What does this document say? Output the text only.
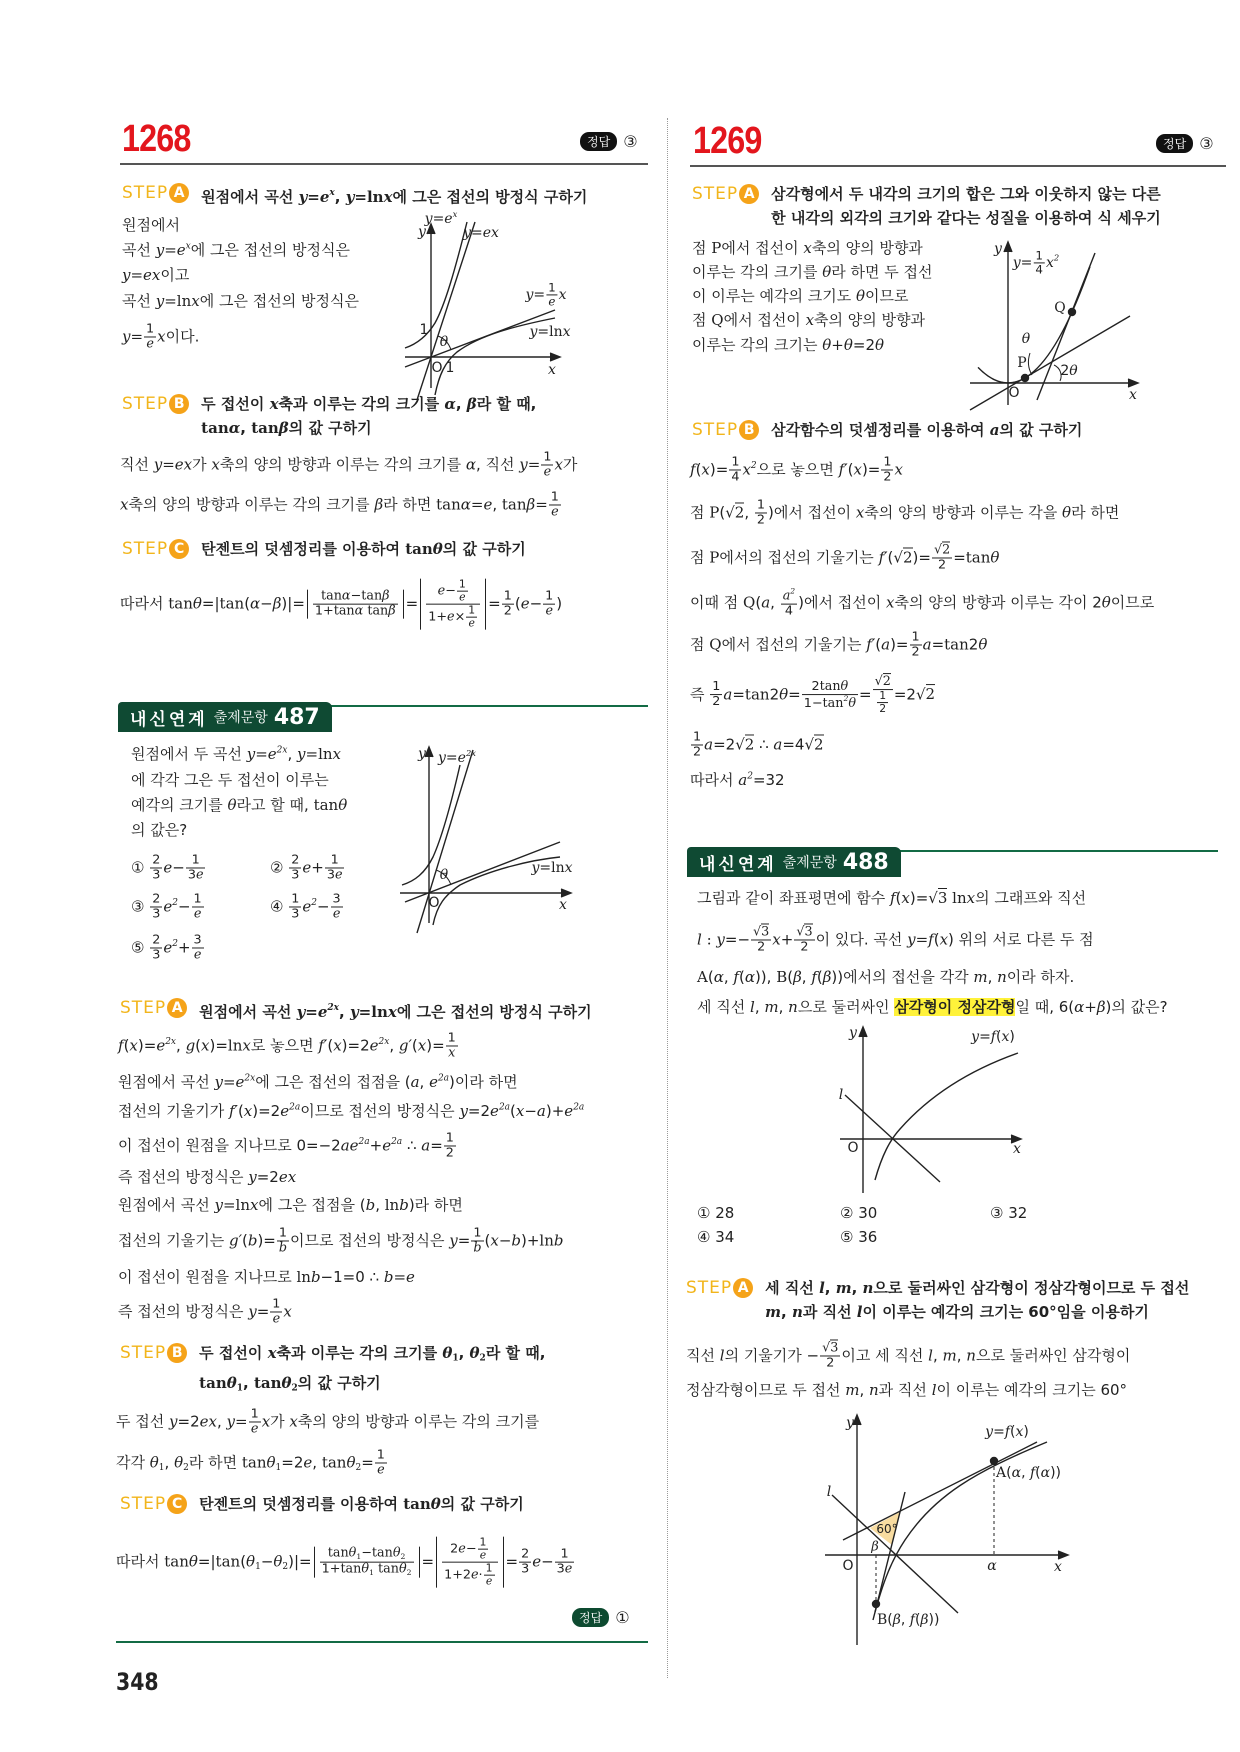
1268	정답 ③
STEP A	원점에서 곡선 $y=e^x$, y=lnx에 그은 접선의 방정식 구하기
원점에서
곡선 $y=e^x$에 그은 접선의 방정식은
y=ex이고
곡선 y=lnx에 그은 접선의 방정식은
$y= \frac{1}{e}$ x이다.
y
$y=e^x$
y=ex
$y= \frac{1}{e}$ x
y=lnx
1
θ
O 1	x
STEP B	두 접선이 x축과 이루는 각의 크기를 α, β라 할 때,
tanα, tanβ의 값 구하기
직선 y=ex가 x축의 양의 방향과 이루는 각의 크기를 α, 직선 $y= \frac{1}{e}$ x가
x축의 양의 방향과 이루는 각의 크기를 β라 하면 tanα=e, $\tan\beta= \frac{1}{e}$
STEP C	탄젠트의 덧셈정리를 이용하여 tanθ의 값 구하기
따라서 $\tan\theta=|\tan(\alpha-\beta)|= \frac{\tan\alpha-\tan\beta}{\text{1+tanα tanβ}} = \frac{e- \frac{1}{e}}{1+e\times \frac{1}{e}} = \frac{1}{2} (e- \frac{1}{e}$ )
내신연계 출제문항 487
원점에서 두 곡선 $y=e^{2x}$, y=lnx
에 각각 그은 두 접선이 이루는
예각의 크기를 θ라고 할 때, tanθ
의 값은?
① $\frac{2}{3} e- \frac{1}{3e}$	② $\frac{2}{3} e+ \frac{1}{3e}$
③ $\frac{2}{3} e^2- \frac{1}{e}$	④ $\frac{1}{3} e^2- \frac{3}{e}$
⑤ $\frac{2}{3} e^2+ \frac{3}{e}$
y $y=e^{2x}$
θ	y=lnx
O	x
STEP A	원점에서 곡선 $y=e^{2x}$, y=lnx에 그은 접선의 방정식 구하기
$f(x)=e^{2x}$, g(x)=lnx로 놓으면 $f'(x)=2e^{2x}$, $g'(x)= \frac{1}{x}$
원점에서 곡선 $y=e^{2x}$에 그은 접선의 접점을 (a, $e^{2a}$)이라 하면
접선의 기울기가 $f'(x)=2e^{2a}$이므로 접선의 방정식은 $y=2e^{2a}(x-a)+e^{2a}$
이 접선이 원점을 지나므로 $0=-2ae^{2a}+e^{2a}$ ∴ $a= \frac{1}{2}$
즉 접선의 방정식은 y=2ex
원점에서 곡선 y=lnx에 그은 접점을 (b, lnb)라 하면
접선의 기울기는 $g'(b)= \frac{1}{b}$ 이므로 접선의 방정식은 $y= \frac{1}{b} (x-b)+\ln b$
이 접선이 원점을 지나므로 lnb−1=0 ∴ b=e
즉 접선의 방정식은 $y= \frac{1}{e}$ x
STEP B	두 접선이 x축과 이루는 각의 크기를 $\theta_1$, $\theta_2$라 할 때,
tanθ$_1$, tanθ$_2$의 값 구하기
두 접선 y=2ex, $y= \frac{1}{e}$ x가 x축의 양의 방향과 이루는 각의 크기를
각각 $\theta_1$, $\theta_2$라 하면 tanθ$_1$=2e, $\tan\theta_2= \frac{1}{e}$
STEP C	탄젠트의 덧셈정리를 이용하여 tanθ의 값 구하기
따라서 $\tan\theta=|\tan(\theta_1-\theta_2)|= \frac{\tan\theta_1-\tan\theta_2}{1+\tan\theta_1 \tan\theta_2} = \frac{2e- \frac{1}{e}}{1+2e\cdot \frac{1}{e}} = \frac{2}{3} e- \frac{1}{3e}$
정답 ①
348
1269	정답 ③
STEP A	삼각형에서 두 내각의 크기의 합은 그와 이웃하지 않는 다른
한 내각의 외각의 크기와 같다는 성질을 이용하여 식 세우기
점 P에서 접선이 x축의 양의 방향과
이루는 각의 크기를 θ라 하면 두 접선
이 이루는 예각의 크기도 θ이므로
점 Q에서 접선이 x축의 양의 방향과
이루는 각의 크기는 θ+θ=2θ
y
$y= \frac{1}{4} x^2$
Q
θ
P 2θ
O	x
STEP B	삼각함수의 덧셈정리를 이용하여 a의 값 구하기
$f(x)= \frac{1}{4} x^2$으로 놓으면 $f'(x)= \frac{1}{2}$ x
점 P(√2, $\frac{1}{2}$ )에서 접선이 x축의 양의 방향과 이루는 각을 θ라 하면
점 P에서의 접선의 기울기는 $f'(√2)= \frac{√2}{2} =\tan\theta$
이때 점 Q(a, $\frac{a^2}{4}$ )에서 접선이 x축의 양의 방향과 이루는 각이 2θ이므로
점 Q에서 접선의 기울기는 $f'(a)= \frac{1}{2} a=\tan 2\theta$
즉 $\frac{1}{2} a=\tan 2\theta= \frac{2\tan\theta}{1-\tan^2\theta} = \frac{√2}{\frac{1}{2}} =2√2$
$\frac{1}{2} a=2√2$ ∴ a=4√2
따라서 $a^2=32$
내신연계 출제문항 488
그림과 같이 좌표평면에 함수 f(x)=√3 lnx의 그래프와 직선
l : $y=- \frac{√3}{2} x+ \frac{√3}{2}$ 이 있다. 곡선 y=f(x) 위의 서로 다른 두 점
A(α, f(α)), B(β, f(β))에서의 접선을 각각 m, n이라 하자.
세 직선 l, m, n으로 둘러싸인 삼각형이 정삼각형일 때, 6(α+β)의 값은?
y	y=f(x)
l
O	x
① 28	② 30	③ 32
④ 34	⑤ 36
STEP A	세 직선 l, m, n으로 둘러싸인 삼각형이 정삼각형이므로 두 접선
m, n과 직선 l이 이루는 예각의 크기는 60°임을 이용하기
직선 l의 기울기가 − $\frac{√3}{2}$ 이고 세 직선 l, m, n으로 둘러싸인 삼각형이
정삼각형이므로 두 접선 m, n과 직선 l이 이루는 예각의 크기는 60°
y
y=f(x)
A(α, f(α))
l
60°
β
O	α	x
B(β, f(β))
